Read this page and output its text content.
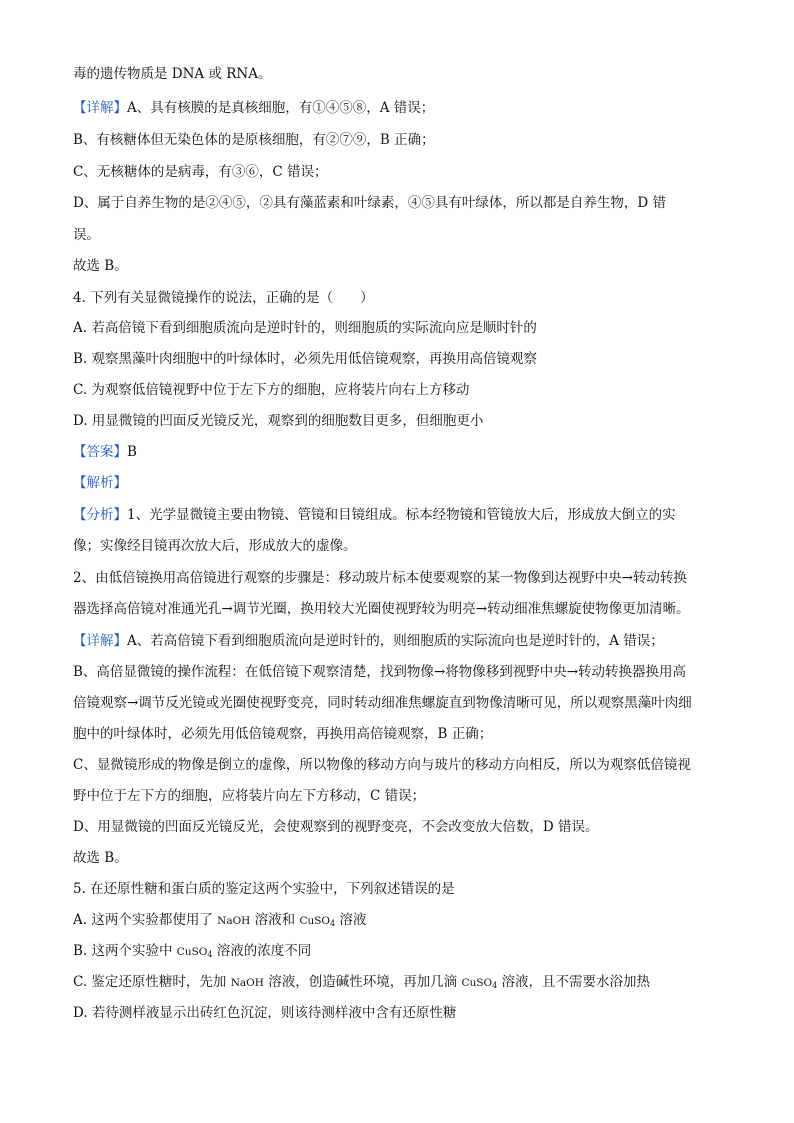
毒的遗传物质是 DNA 或 RNA。
【详解】A、具有核膜的是真核细胞，有①④⑤⑧，A 错误；
B、有核糖体但无染色体的是原核细胞，有②⑦⑨，B 正确；
C、无核糖体的是病毒，有③⑥，C 错误；
D、属于自养生物的是②④⑤，②具有藻蓝素和叶绿素，④⑤具有叶绿体，所以都是自养生物，D 错
误。
故选 B。
4. 下列有关显微镜操作的说法，正确的是（　　）
A. 若高倍镜下看到细胞质流向是逆时针的，则细胞质的实际流向应是顺时针的
B. 观察黑藻叶肉细胞中的叶绿体时，必须先用低倍镜观察，再换用高倍镜观察
C. 为观察低倍镜视野中位于左下方的细胞，应将装片向右上方移动
D. 用显微镜的凹面反光镜反光，观察到的细胞数目更多，但细胞更小
【答案】B
【解析】
【分析】1、光学显微镜主要由物镜、管镜和目镜组成。标本经物镜和管镜放大后，形成放大倒立的实
像；实像经目镜再次放大后，形成放大的虚像。
2、由低倍镜换用高倍镜进行观察的步骤是：移动玻片标本使要观察的某一物像到达视野中央→转动转换
器选择高倍镜对准通光孔→调节光圈，换用较大光圈使视野较为明亮→转动细准焦螺旋使物像更加清晰。
【详解】A、若高倍镜下看到细胞质流向是逆时针的，则细胞质的实际流向也是逆时针的，A 错误；
B、高倍显微镜的操作流程：在低倍镜下观察清楚，找到物像→将物像移到视野中央→转动转换器换用高
倍镜观察→调节反光镜或光圈使视野变亮，同时转动细准焦螺旋直到物像清晰可见，所以观察黑藻叶肉细
胞中的叶绿体时，必须先用低倍镜观察，再换用高倍镜观察，B 正确；
C、显微镜形成的物像是倒立的虚像，所以物像的移动方向与玻片的移动方向相反，所以为观察低倍镜视
野中位于左下方的细胞，应将装片向左下方移动，C 错误；
D、用显微镜的凹面反光镜反光，会使观察到的视野变亮，不会改变放大倍数，D 错误。
故选 B。
5. 在还原性糖和蛋白质的鉴定这两个实验中，下列叙述错误的是
A. 这两个实验都使用了 NaOH 溶液和 CuSO$_4$ 溶液
B. 这两个实验中 CuSO$_4$ 溶液的浓度不同
C. 鉴定还原性糖时，先加 NaOH 溶液，创造碱性环境，再加几滴 CuSO$_4$ 溶液，且不需要水浴加热
D. 若待测样液显示出砖红色沉淀，则该待测样液中含有还原性糖
